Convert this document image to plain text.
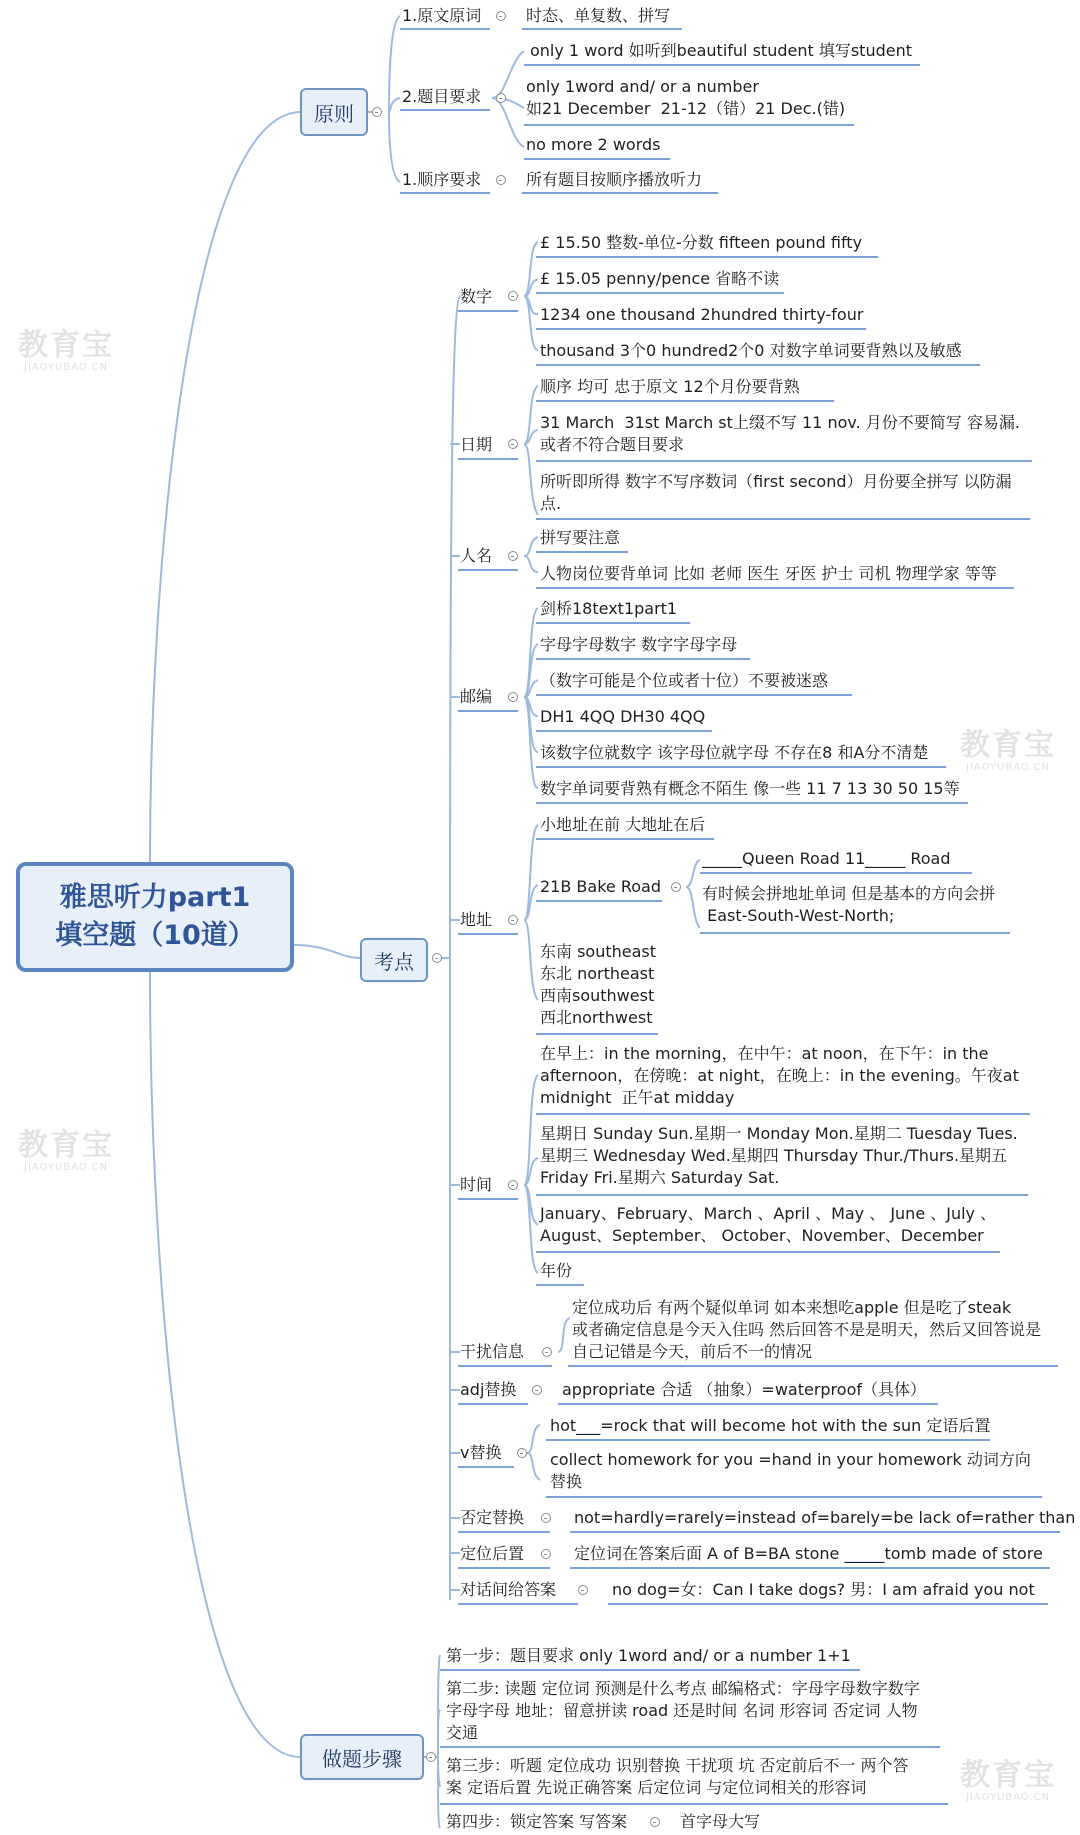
雅思听力part1
填空题（10道）
原则
考点
做题步骤
1.原文原词	时态、单复数、拼写
2.题目要求
only 1 word 如听到beautiful student 填写student
only 1word and/ or a number
如21 December  21-12（错）21 Dec.(错)
no more 2 words
1.顺序要求	所有题目按顺序播放听力
数字
£ 15.50 整数-单位-分数 fifteen pound fifty
£ 15.05 penny/pence 省略不读
1234 one thousand 2hundred thirty-four
thousand 3个0 hundred2个0 对数字单词要背熟以及敏感
日期
顺序 均可 忠于原文 12个月份要背熟
31 March  31st March st上缀不写 11 nov. 月份不要简写 容易漏.
或者不符合题目要求
所听即所得 数字不写序数词（first second）月份要全拼写 以防漏
点.
人名
拼写要注意
人物岗位要背单词 比如 老师 医生 牙医 护士 司机 物理学家 等等
邮编
剑桥18text1part1
字母字母数字 数字字母字母
（数字可能是个位或者十位）不要被迷惑
DH1 4QQ DH30 4QQ
该数字位就数字 该字母位就字母 不存在8 和A分不清楚
数字单词要背熟有概念不陌生 像一些 11 7 13 30 50 15等
地址
小地址在前 大地址在后
21B Bake Road
_____Queen Road 11_____ Road
有时候会拼地址单词 但是基本的方向会拼
East-South-West-North;
东南 southeast
东北 northeast
西南southwest
西北northwest
时间
在早上：in the morning，在中午：at noon，在下午：in the
afternoon，在傍晚：at night，在晚上：in the evening。午夜at
midnight  正午at midday
星期日 Sunday Sun.星期一 Monday Mon.星期二 Tuesday Tues.
星期三 Wednesday Wed.星期四 Thursday Thur./Thurs.星期五
Friday Fri.星期六 Saturday Sat.
January、February、March 、April 、May 、 June 、July 、
August、September、 October、November、December
年份
干扰信息
定位成功后 有两个疑似单词 如本来想吃apple 但是吃了steak
或者确定信息是今天入住吗 然后回答不是是明天，然后又回答说是
自己记错是今天，前后不一的情况
adj替换	appropriate 合适 （抽象）=waterproof（具体）
v替换
hot___=rock that will become hot with the sun 定语后置
collect homework for you =hand in your homework 动词方向
替换
否定替换	not=hardly=rarely=instead of=barely=be lack of=rather than
定位后置	定位词在答案后面 A of B=BA stone _____tomb made of store
对话间给答案	no dog=女：Can I take dogs? 男：I am afraid you not
第一步：题目要求 only 1word and/ or a number 1+1
第二步: 读题 定位词 预测是什么考点 邮编格式：字母字母数字数字
字母字母 地址：留意拼读 road 还是时间 名词 形容词 否定词 人物
交通
第三步：听题 定位成功 识别替换 干扰项 坑 否定前后不一 两个答
案 定语后置 先说正确答案 后定位词 与定位词相关的形容词
第四步：锁定答案 写答案	首字母大写
教育宝
JIAOYUBAO.CN
教育宝
JIAOYUBAO.CN
教育宝
JIAOYUBAO.CN
教育宝
JIAOYUBAO.CN
